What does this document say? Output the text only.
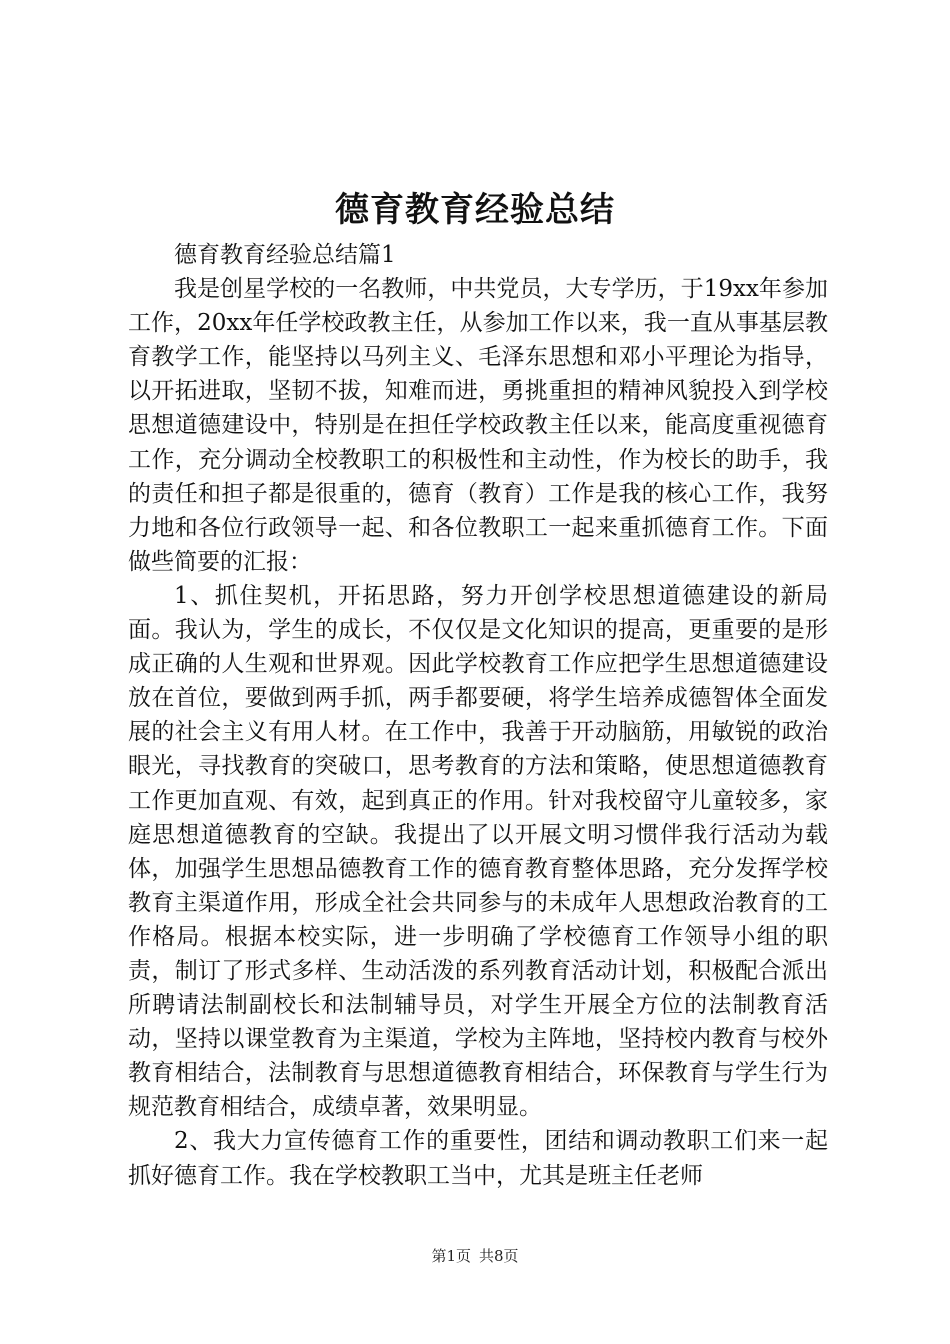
德育教育经验总结

德育教育经验总结篇1

我是创星学校的一名教师，中共党员，大专学历，于19xx年参加工作，20xx年任学校政教主任，从参加工作以来，我一直从事基层教育教学工作，能坚持以马列主义、毛泽东思想和邓小平理论为指导，以开拓进取，坚韧不拔，知难而进，勇挑重担的精神风貌投入到学校思想道德建设中，特别是在担任学校政教主任以来，能高度重视德育工作，充分调动全校教职工的积极性和主动性，作为校长的助手，我的责任和担子都是很重的，德育（教育）工作是我的核心工作，我努力地和各位行政领导一起、和各位教职工一起来重抓德育工作。下面做些简要的汇报：

1、抓住契机，开拓思路，努力开创学校思想道德建设的新局面。我认为，学生的成长，不仅仅是文化知识的提高，更重要的是形成正确的人生观和世界观。因此学校教育工作应把学生思想道德建设放在首位，要做到两手抓，两手都要硬，将学生培养成德智体全面发展的社会主义有用人材。在工作中，我善于开动脑筋，用敏锐的政治眼光，寻找教育的突破口，思考教育的方法和策略，使思想道德教育工作更加直观、有效，起到真正的作用。针对我校留守儿童较多，家庭思想道德教育的空缺。我提出了以开展文明习惯伴我行活动为载体，加强学生思想品德教育工作的德育教育整体思路，充分发挥学校教育主渠道作用，形成全社会共同参与的未成年人思想政治教育的工作格局。根据本校实际，进一步明确了学校德育工作领导小组的职责，制订了形式多样、生动活泼的系列教育活动计划，积极配合派出所聘请法制副校长和法制辅导员，对学生开展全方位的法制教育活动，坚持以课堂教育为主渠道，学校为主阵地，坚持校内教育与校外教育相结合，法制教育与思想道德教育相结合，环保教育与学生行为规范教育相结合，成绩卓著，效果明显。

2、我大力宣传德育工作的重要性，团结和调动教职工们来一起抓好德育工作。我在学校教职工当中，尤其是班主任老师

第1页 共8页
